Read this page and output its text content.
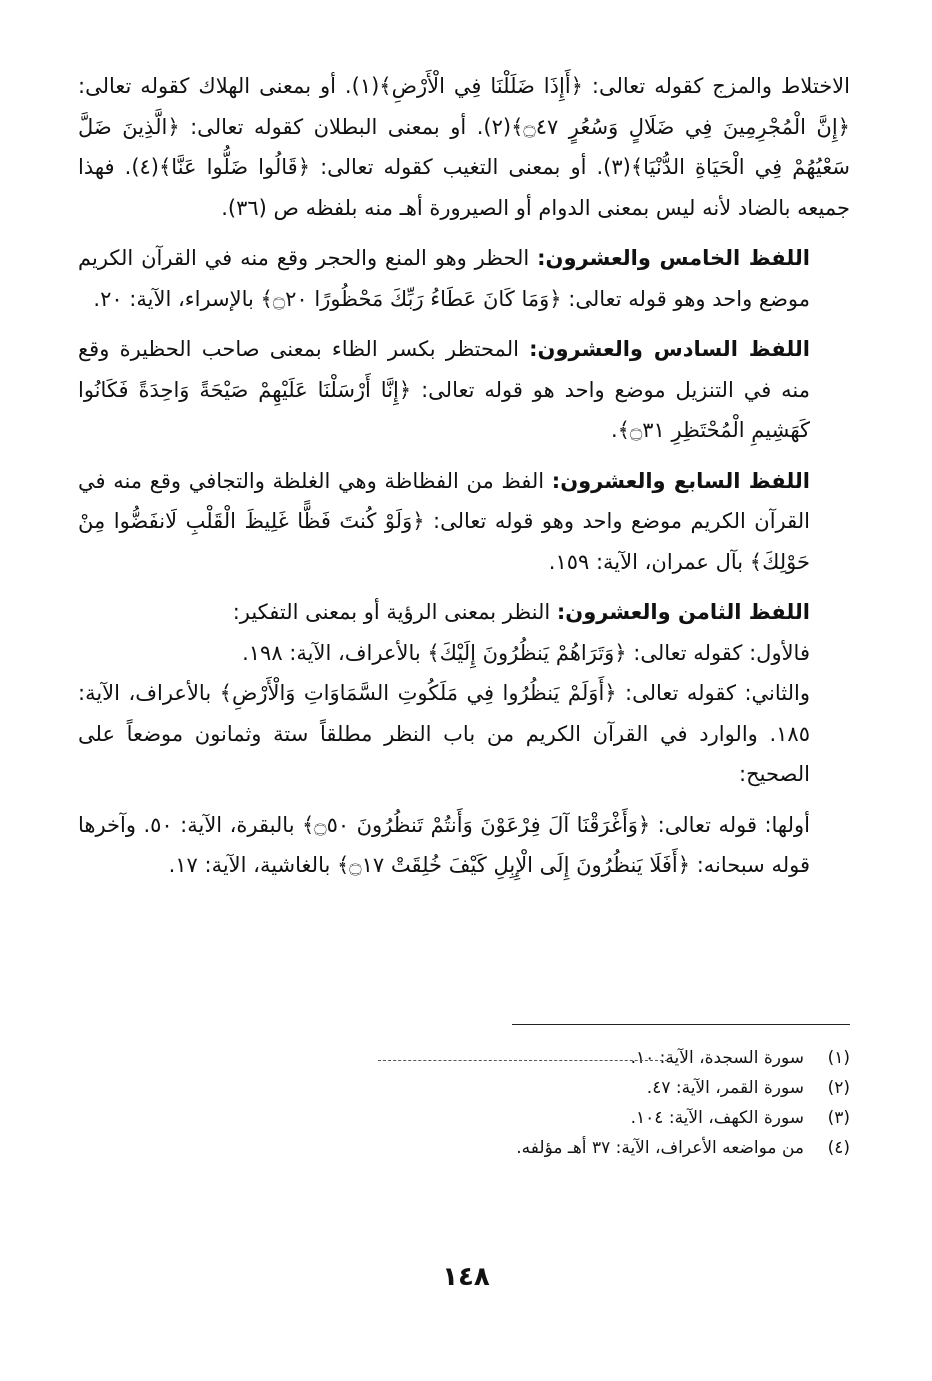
الاختلاط والمزج كقوله تعالى: ﴿أَإِذَا ضَلَلْنَا فِي الْأَرْضِ﴾(١). أو بمعنى الهلاك كقوله تعالى: ﴿إِنَّ الْمُجْرِمِينَ فِي ضَلَالٍ وَسُعُرٍ ۝٤٧﴾(٢). أو بمعنى البطلان كقوله تعالى: ﴿الَّذِينَ ضَلَّ سَعْيُهُمْ فِي الْحَيَاةِ الدُّنْيَا﴾(٣). أو بمعنى التغيب كقوله تعالى: ﴿قَالُوا ضَلُّوا عَنَّا﴾(٤). فهذا جميعه بالضاد لأنه ليس بمعنى الدوام أو الصيرورة أهـ منه بلفظه ص (٣٦).

اللفظ الخامس والعشرون: الحظر وهو المنع والحجر وقع منه في القرآن الكريم موضع واحد وهو قوله تعالى: ﴿وَمَا كَانَ عَطَاءُ رَبِّكَ مَحْظُورًا ۝٢٠﴾ بالإسراء، الآية: ٢٠.

اللفظ السادس والعشرون: المحتظر بكسر الظاء بمعنى صاحب الحظيرة وقع منه في التنزيل موضع واحد هو قوله تعالى: ﴿إِنَّا أَرْسَلْنَا عَلَيْهِمْ صَيْحَةً وَاحِدَةً فَكَانُوا كَهَشِيمِ الْمُحْتَظِرِ ۝٣١﴾.

اللفظ السابع والعشرون: الفظ من الفظاظة وهي الغلظة والتجافي وقع منه في القرآن الكريم موضع واحد وهو قوله تعالى: ﴿وَلَوْ كُنتَ فَظًّا غَلِيظَ الْقَلْبِ لَانفَضُّوا مِنْ حَوْلِكَ﴾ بآل عمران، الآية: ١٥٩.

اللفظ الثامن والعشرون: النظر بمعنى الرؤية أو بمعنى التفكير:

فالأول: كقوله تعالى: ﴿وَتَرَاهُمْ يَنظُرُونَ إِلَيْكَ﴾ بالأعراف، الآية: ١٩٨.

والثاني: كقوله تعالى: ﴿أَوَلَمْ يَنظُرُوا فِي مَلَكُوتِ السَّمَاوَاتِ وَالْأَرْضِ﴾ بالأعراف، الآية: ١٨٥. والوارد في القرآن الكريم من باب النظر مطلقاً ستة وثمانون موضعاً على الصحيح:

أولها: قوله تعالى: ﴿وَأَغْرَقْنَا آلَ فِرْعَوْنَ وَأَنتُمْ تَنظُرُونَ ۝٥٠﴾ بالبقرة، الآية: ٥٠. وآخرها قوله سبحانه: ﴿أَفَلَا يَنظُرُونَ إِلَى الْإِبِلِ كَيْفَ خُلِقَتْ ۝١٧﴾ بالغاشية، الآية: ١٧.

(١)
سورة السجدة، الآية: ١٠.
(٢)
سورة القمر، الآية: ٤٧.
(٣)
سورة الكهف، الآية: ١٠٤.
(٤)
من مواضعه الأعراف، الآية: ٣٧ أهـ مؤلفه.
١٤٨
